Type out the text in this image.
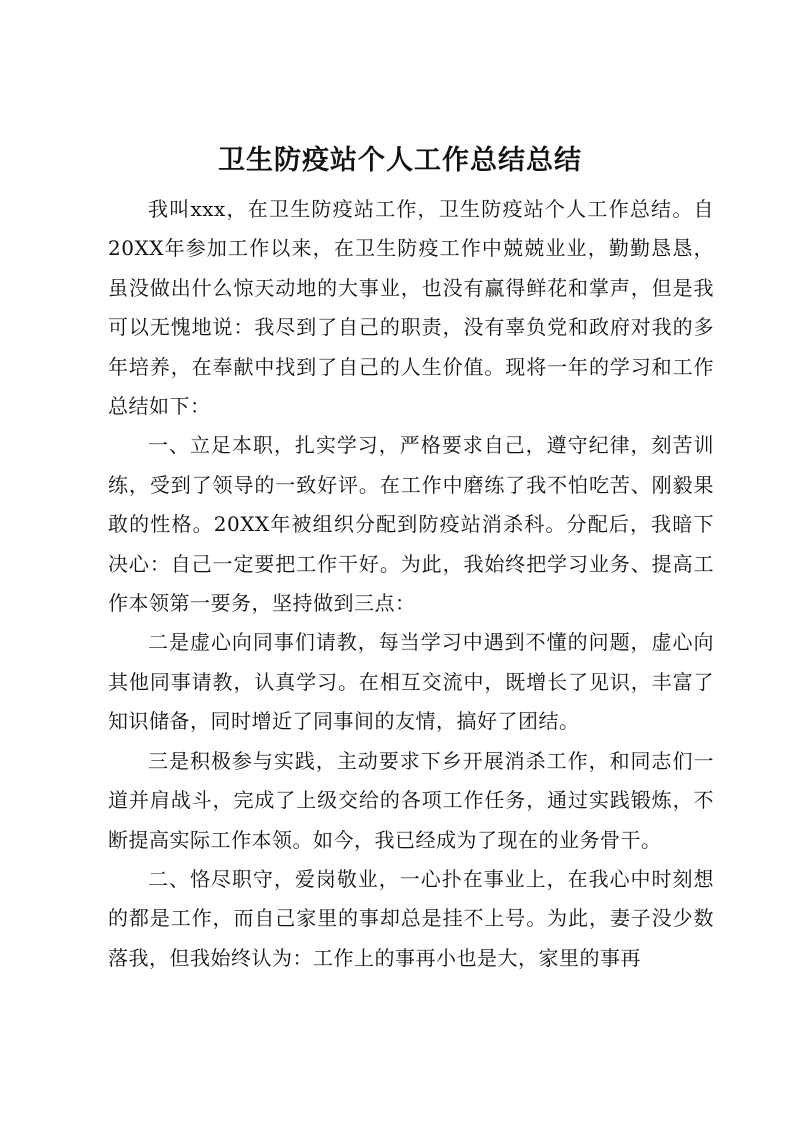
卫生防疫站个人工作总结总结

我叫xxx，在卫生防疫站工作，卫生防疫站个人工作总结。自20XX年参加工作以来，在卫生防疫工作中兢兢业业，勤勤恳恳，虽没做出什么惊天动地的大事业，也没有赢得鲜花和掌声，但是我可以无愧地说：我尽到了自己的职责，没有辜负党和政府对我的多年培养，在奉献中找到了自己的人生价值。现将一年的学习和工作总结如下：

一、立足本职，扎实学习，严格要求自己，遵守纪律，刻苦训练，受到了领导的一致好评。在工作中磨练了我不怕吃苦、刚毅果敢的性格。20XX年被组织分配到防疫站消杀科。分配后，我暗下决心：自己一定要把工作干好。为此，我始终把学习业务、提高工作本领第一要务，坚持做到三点：

二是虚心向同事们请教，每当学习中遇到不懂的问题，虚心向其他同事请教，认真学习。在相互交流中，既增长了见识，丰富了知识储备，同时增近了同事间的友情，搞好了团结。

三是积极参与实践，主动要求下乡开展消杀工作，和同志们一道并肩战斗，完成了上级交给的各项工作任务，通过实践锻炼，不断提高实际工作本领。如今，我已经成为了现在的业务骨干。

二、恪尽职守，爱岗敬业，一心扑在事业上，在我心中时刻想的都是工作，而自己家里的事却总是挂不上号。为此，妻子没少数落我，但我始终认为：工作上的事再小也是大，家里的事再
